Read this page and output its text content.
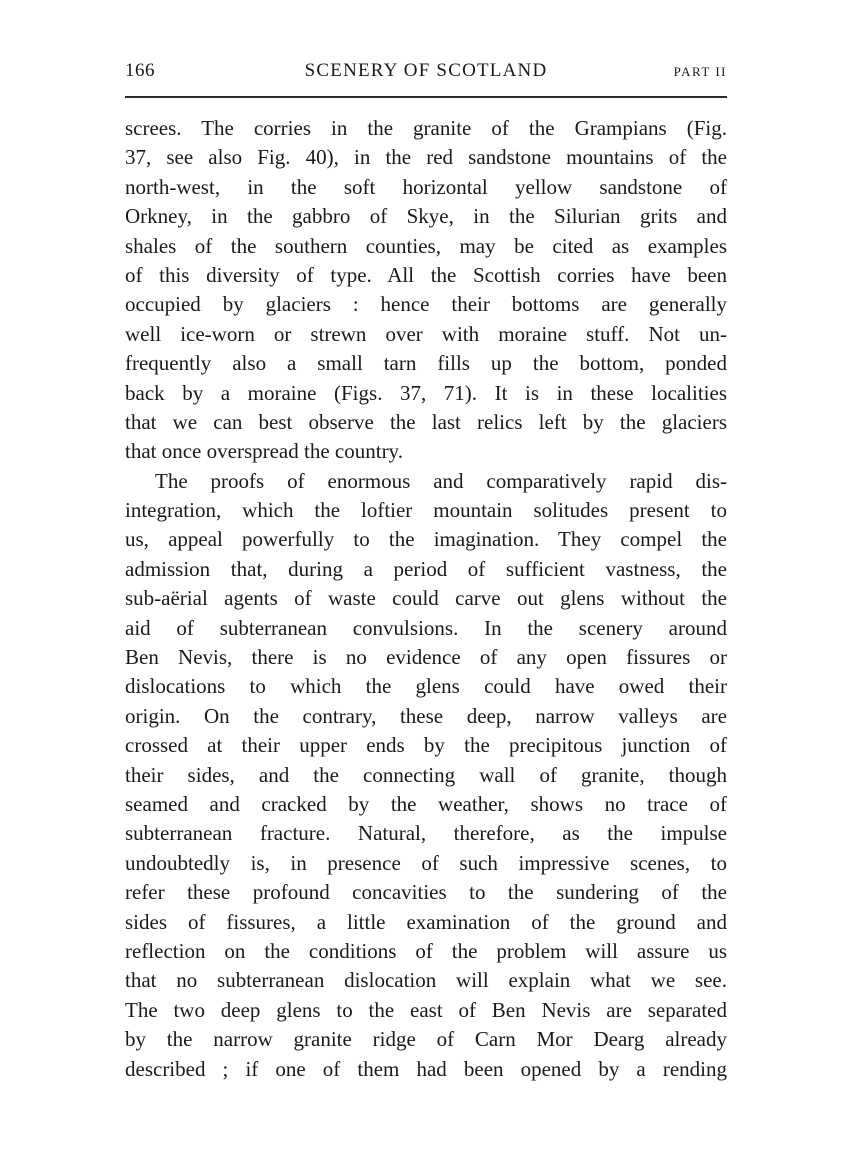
166	SCENERY OF SCOTLAND	PART II
screes. The corries in the granite of the Grampians (Fig.
37, see also Fig. 40), in the red sandstone mountains of the
north-west, in the soft horizontal yellow sandstone of
Orkney, in the gabbro of Skye, in the Silurian grits and
shales of the southern counties, may be cited as examples
of this diversity of type. All the Scottish corries have been
occupied by glaciers : hence their bottoms are generally
well ice-worn or strewn over with moraine stuff. Not un-
frequently also a small tarn fills up the bottom, ponded
back by a moraine (Figs. 37, 71). It is in these localities
that we can best observe the last relics left by the glaciers
that once overspread the country.
The proofs of enormous and comparatively rapid dis-
integration, which the loftier mountain solitudes present to
us, appeal powerfully to the imagination. They compel the
admission that, during a period of sufficient vastness, the
sub-aërial agents of waste could carve out glens without the
aid of subterranean convulsions. In the scenery around
Ben Nevis, there is no evidence of any open fissures or
dislocations to which the glens could have owed their
origin. On the contrary, these deep, narrow valleys are
crossed at their upper ends by the precipitous junction of
their sides, and the connecting wall of granite, though
seamed and cracked by the weather, shows no trace of
subterranean fracture. Natural, therefore, as the impulse
undoubtedly is, in presence of such impressive scenes, to
refer these profound concavities to the sundering of the
sides of fissures, a little examination of the ground and
reflection on the conditions of the problem will assure us
that no subterranean dislocation will explain what we see.
The two deep glens to the east of Ben Nevis are separated
by the narrow granite ridge of Carn Mor Dearg already
described ; if one of them had been opened by a rending
